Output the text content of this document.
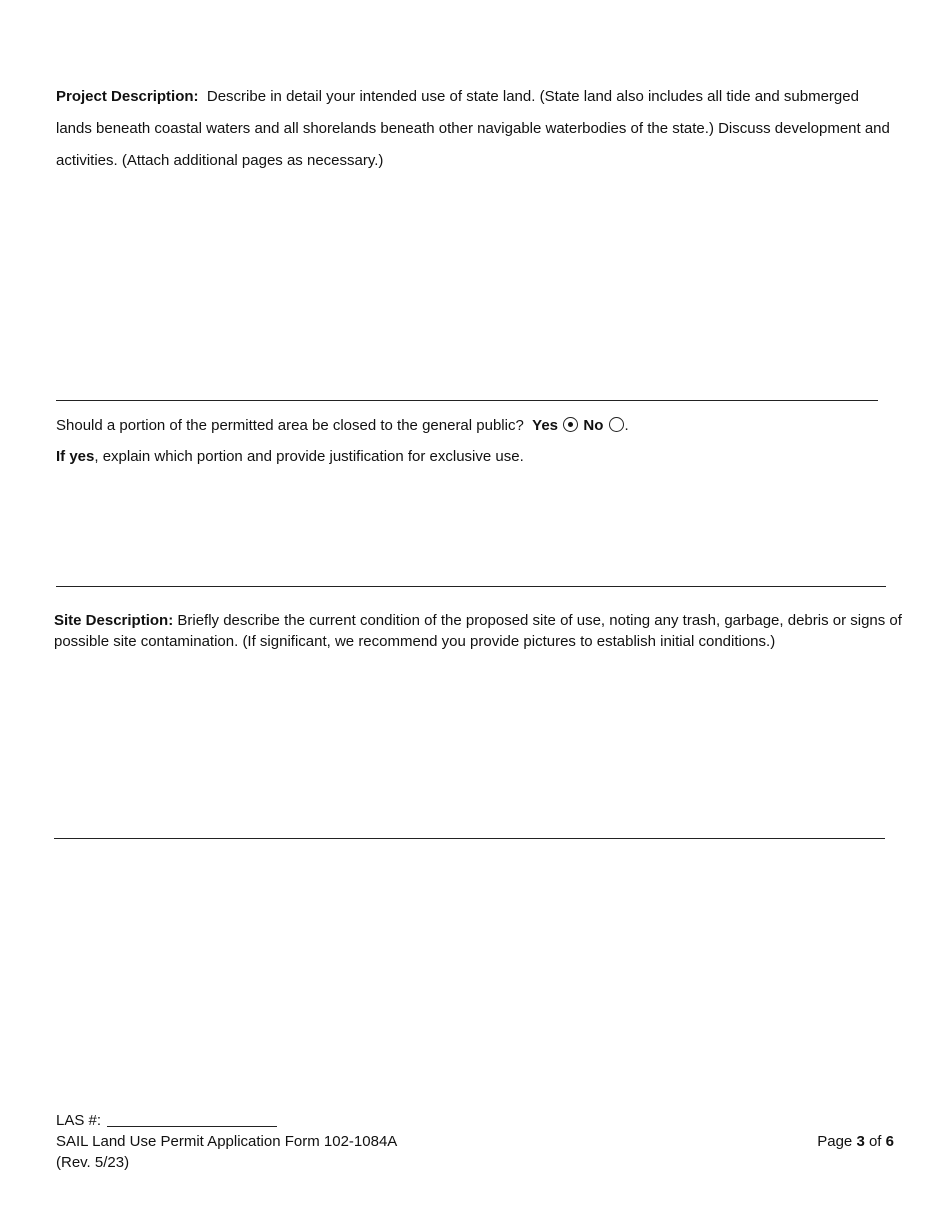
Project Description: Describe in detail your intended use of state land. (State land also includes all tide and submerged lands beneath coastal waters and all shorelands beneath other navigable waterbodies of the state.) Discuss development and activities. (Attach additional pages as necessary.)
Should a portion of the permitted area be closed to the general public? Yes No .
If yes, explain which portion and provide justification for exclusive use.
Site Description: Briefly describe the current condition of the proposed site of use, noting any trash, garbage, debris or signs of possible site contamination. (If significant, we recommend you provide pictures to establish initial conditions.)
LAS #:
SAIL Land Use Permit Application Form 102-1084A
(Rev. 5/23)
Page 3 of 6
